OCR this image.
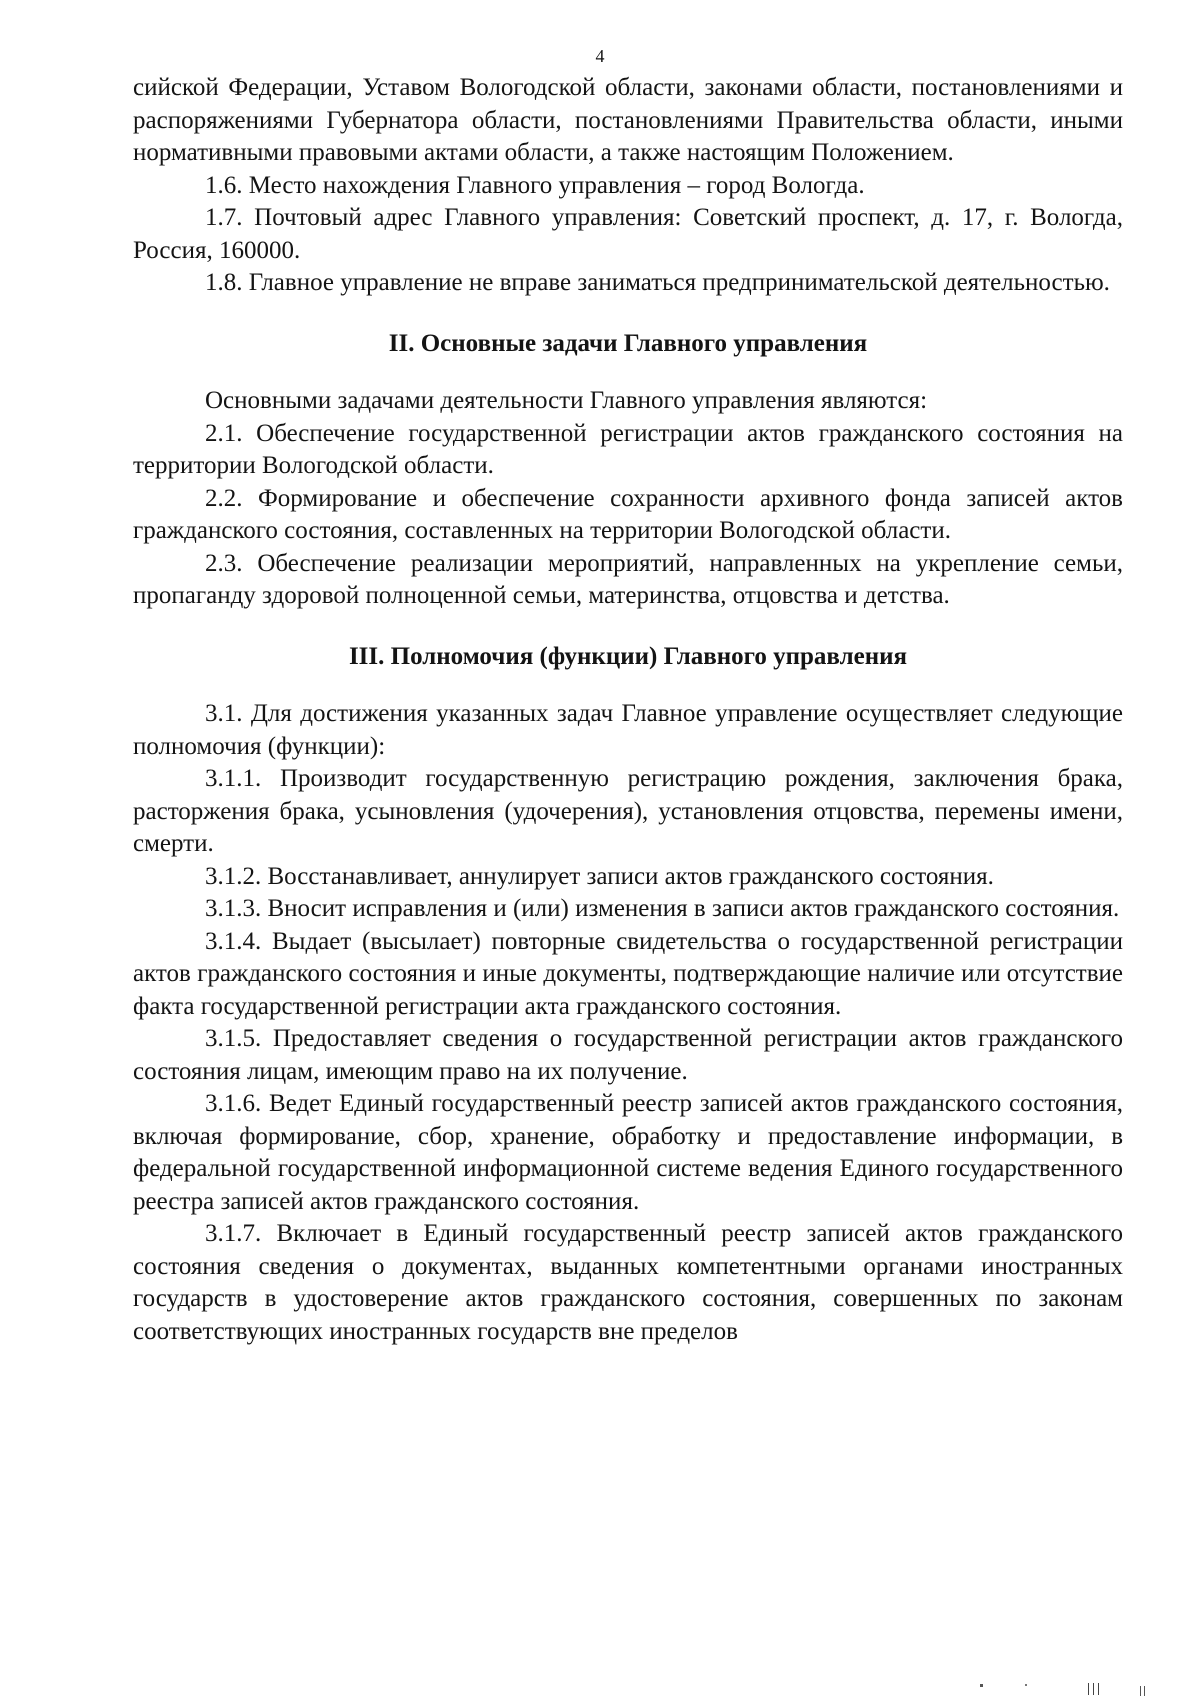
4

сийской Федерации, Уставом Вологодской области, законами области, постановлениями и распоряжениями Губернатора области, постановлениями Правительства области, иными нормативными правовыми актами области, а также настоящим Положением.

1.6. Место нахождения Главного управления – город Вологда.

1.7. Почтовый адрес Главного управления: Советский проспект, д. 17, г. Вологда, Россия, 160000.

1.8. Главное управление не вправе заниматься предпринимательской деятельностью.

II. Основные задачи Главного управления

Основными задачами деятельности Главного управления являются:

2.1. Обеспечение государственной регистрации актов гражданского состояния на территории Вологодской области.

2.2. Формирование и обеспечение сохранности архивного фонда записей актов гражданского состояния, составленных на территории Вологодской области.

2.3. Обеспечение реализации мероприятий, направленных на укрепление семьи, пропаганду здоровой полноценной семьи, материнства, отцовства и детства.

III. Полномочия (функции) Главного управления

3.1. Для достижения указанных задач Главное управление осуществляет следующие полномочия (функции):

3.1.1. Производит государственную регистрацию рождения, заключения брака, расторжения брака, усыновления (удочерения), установления отцовства, перемены имени, смерти.

3.1.2. Восстанавливает, аннулирует записи актов гражданского состояния.

3.1.3. Вносит исправления и (или) изменения в записи актов гражданского состояния.

3.1.4. Выдает (высылает) повторные свидетельства о государственной регистрации актов гражданского состояния и иные документы, подтверждающие наличие или отсутствие факта государственной регистрации акта гражданского состояния.

3.1.5. Предоставляет сведения о государственной регистрации актов гражданского состояния лицам, имеющим право на их получение.

3.1.6. Ведет Единый государственный реестр записей актов гражданского состояния, включая формирование, сбор, хранение, обработку и предоставление информации, в федеральной государственной информационной системе ведения Единого государственного реестра записей актов гражданского состояния.

3.1.7. Включает в Единый государственный реестр записей актов гражданского состояния сведения о документах, выданных компетентными органами иностранных государств в удостоверение актов гражданского состояния, совершенных по законам соответствующих иностранных государств вне пределов
